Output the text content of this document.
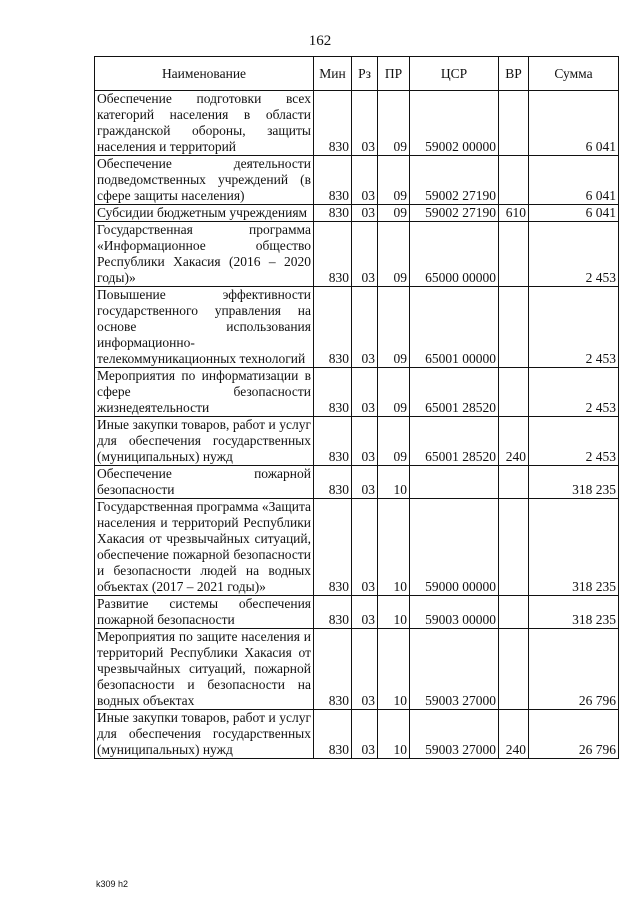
162
Наименование	Мин	Рз	ПР	ЦСР	ВР	Сумма
Обеспечение подготовки всех категорий населения в области гражданской обороны, защиты населения и территорий	830	03	09	59002 00000		6 041
Обеспечение деятельности подведомственных учреждений (в сфере защиты населения)	830	03	09	59002 27190		6 041
Субсидии бюджетным учреждениям	830	03	09	59002 27190	610	6 041
Государственная программа «Информационное общество Республики Хакасия (2016 – 2020 годы)»	830	03	09	65000 00000		2 453
Повышение эффективности государственного управления на основе использования информационно-телекоммуникационных технологий	830	03	09	65001 00000		2 453
Мероприятия по информатизации в сфере безопасности жизнедеятельности	830	03	09	65001 28520		2 453
Иные закупки товаров, работ и услуг для обеспечения государственных (муниципальных) нужд	830	03	09	65001 28520	240	2 453
Обеспечение пожарной безопасности	830	03	10			318 235
Государственная программа «Защита населения и территорий Республики Хакасия от чрезвычайных ситуаций, обеспечение пожарной безопасности и безопасности людей на водных объектах (2017 – 2021 годы)»	830	03	10	59000 00000		318 235
Развитие системы обеспечения пожарной безопасности	830	03	10	59003 00000		318 235
Мероприятия по защите населения и территорий Республики Хакасия от чрезвычайных ситуаций, пожарной безопасности и безопасности на водных объектах	830	03	10	59003 27000		26 796
Иные закупки товаров, работ и услуг для обеспечения государственных (муниципальных) нужд	830	03	10	59003 27000	240	26 796
k309 h2
